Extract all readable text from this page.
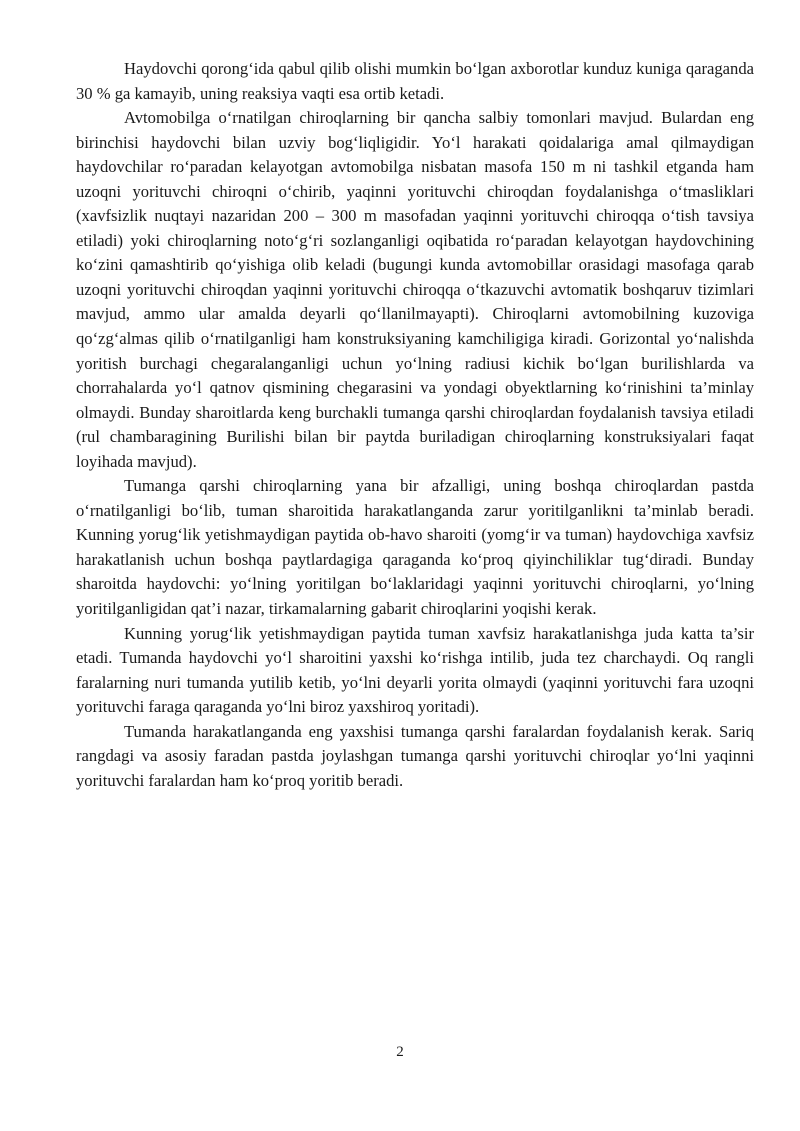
Haydovchi qorong‘ida qabul qilib olishi mumkin bo‘lgan axborotlar kunduz kuniga qaraganda 30 % ga kamayib, uning reaksiya vaqti esa ortib ketadi.

Avtomobilga o‘rnatilgan chiroqlarning bir qancha salbiy tomonlari mavjud. Bulardan eng birinchisi haydovchi bilan uzviy bog‘liqligidir. Yo‘l harakati qoidalariga amal qilmaydigan haydovchilar ro‘paradan kelayotgan avtomobilga nisbatan masofa 150 m ni tashkil etganda ham uzoqni yorituvchi chiroqni o‘chirib, yaqinni yorituvchi chiroqdan foydalanishga o‘tmasliklari (xavfsizlik nuqtayi nazaridan 200 – 300 m masofadan yaqinni yorituvchi chiroqqa o‘tish tavsiya etiladi) yoki chiroqlarning noto‘g‘ri sozlanganligi oqibatida ro‘paradan kelayotgan haydovchining ko‘zini qamashtirib qo‘yishiga olib keladi (bugungi kunda avtomobillar orasidagi masofaga qarab uzoqni yorituvchi chiroqdan yaqinni yorituvchi chiroqqa o‘tkazuvchi avtomatik boshqaruv tizimlari mavjud, ammo ular amalda deyarli qo‘llanilmayapti). Chiroqlarni avtomobilning kuzoviga qo‘zg‘almas qilib o‘rnatilganligi ham konstruksiyaning kamchiligiga kiradi. Gorizontal yo‘nalishda yoritish burchagi chegaralanganligi uchun yo‘lning radiusi kichik bo‘lgan burilishlarda va chorrahalarda yo‘l qatnov qismining chegarasini va yondagi obyektlarning ko‘rinishini ta’minlay olmaydi. Bunday sharoitlarda keng burchakli tumanga qarshi chiroqlardan foydalanish tavsiya etiladi (rul chambaragining Burilishi bilan bir paytda buriladigan chiroqlarning konstruksiyalari faqat loyihada mavjud).

Tumanga qarshi chiroqlarning yana bir afzalligi, uning boshqa chiroqlardan pastda o‘rnatilganligi bo‘lib, tuman sharoitida harakatlanganda zarur yoritilganlikni ta’minlab beradi. Kunning yorug‘lik yetishmaydigan paytida ob-havo sharoiti (yomg‘ir va tuman) haydovchiga xavfsiz harakatlanish uchun boshqa paytlardagiga qaraganda ko‘proq qiyinchiliklar tug‘diradi. Bunday sharoitda haydovchi: yo‘lning yoritilgan bo‘laklaridagi yaqinni yorituvchi chiroqlarni, yo‘lning yoritilganligidan qat’i nazar, tirkamalarning gabarit chiroqlarini yoqishi kerak.

Kunning yorug‘lik yetishmaydigan paytida tuman xavfsiz harakatlanishga juda katta ta’sir etadi. Tumanda haydovchi yo‘l sharoitini yaxshi ko‘rishga intilib, juda tez charchaydi. Oq rangli faralarning nuri tumanda yutilib ketib, yo‘lni deyarli yorita olmaydi (yaqinni yorituvchi fara uzoqni yorituvchi faraga qaraganda yo‘lni biroz yaxshiroq yoritadi).

Tumanda harakatlanganda eng yaxshisi tumanga qarshi faralardan foydalanish kerak. Sariq rangdagi va asosiy faradan pastda joylashgan tumanga qarshi yorituvchi chiroqlar yo‘lni yaqinni yorituvchi faralardan ham ko‘proq yoritib beradi.

2
